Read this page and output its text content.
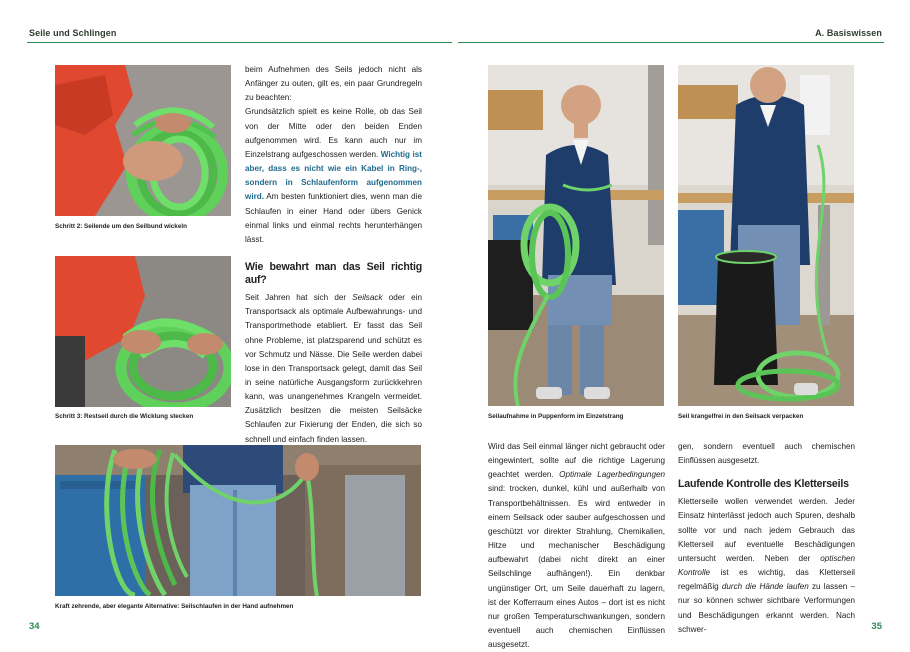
Seile und Schlingen	A. Basiswissen
Schritt 2: Seilende um den Seilbund wickeln
Schritt 3: Restseil durch die Wicklung stecken

beim Aufnehmen des Seils jedoch nicht als Anfänger zu outen, gilt es, ein paar Grundregeln zu beachten:

Grundsätzlich spielt es keine Rolle, ob das Seil von der Mitte oder den beiden Enden aufgenommen wird. Es kann auch nur im Einzelstrang aufgeschossen werden. Wichtig ist aber, dass es nicht wie ein Kabel in Ring-, sondern in Schlaufenform aufgenommen wird. Am besten funktioniert dies, wenn man die Schlaufen in einer Hand oder übers Genick einmal links und einmal rechts herunterhängen lässt.

Wie bewahrt man das Seil richtig auf?

Seit Jahren hat sich der Seilsack oder ein Transportsack als optimale Aufbewahrungs- und Transportmethode etabliert. Er fasst das Seil ohne Probleme, ist platzsparend und schützt es vor Schmutz und Nässe. Die Seile werden dabei lose in den Transportsack gelegt, damit das Seil in seine natürliche Ausgangsform zurückkehren kann, was unangenehmes Krangeln vermeidet. Zusätzlich besitzen die meisten Seilsäcke Schlaufen zur Fixierung der Enden, die sich so schnell und einfach finden lassen.

Kraft zehrende, aber elegante Alternative: Seilschlaufen in der Hand aufnehmen
Seilaufnahme in Puppenform im Einzelstrang	Seil krangelfrei in den Seilsack verpacken

Wird das Seil einmal länger nicht gebraucht oder eingewintert, sollte auf die richtige Lagerung geachtet werden. Optimale Lagerbedingungen sind: trocken, dunkel, kühl und außerhalb von Transportbehältnissen. Es wird entweder in einem Seilsack oder sauber aufgeschossen und geschützt vor direkter Strahlung, Chemikalien, Hitze und mechanischer Beschädigung aufbewahrt (dabei nicht direkt an einer Seilschlinge aufhängen!). Ein denkbar ungünstiger Ort, um Seile dauerhaft zu lagern, ist der Kofferraum eines Autos – dort ist es nicht nur großen Temperaturschwankungen, sondern eventuell auch chemischen Einflüssen ausgesetzt.

gen, sondern eventuell auch chemischen Einflüssen ausgesetzt.

Laufende Kontrolle des Kletterseils

Kletterseile wollen verwendet werden. Jeder Einsatz hinterlässt jedoch auch Spuren, deshalb sollte vor und nach jedem Gebrauch das Kletterseil auf eventuelle Beschädigungen untersucht werden. Neben der optischen Kontrolle ist es wichtig, das Kletterseil regelmäßig durch die Hände laufen zu lassen – nur so können schwer sichtbare Verformungen und Beschädigungen erkannt werden. Nach schwer-

34	35
